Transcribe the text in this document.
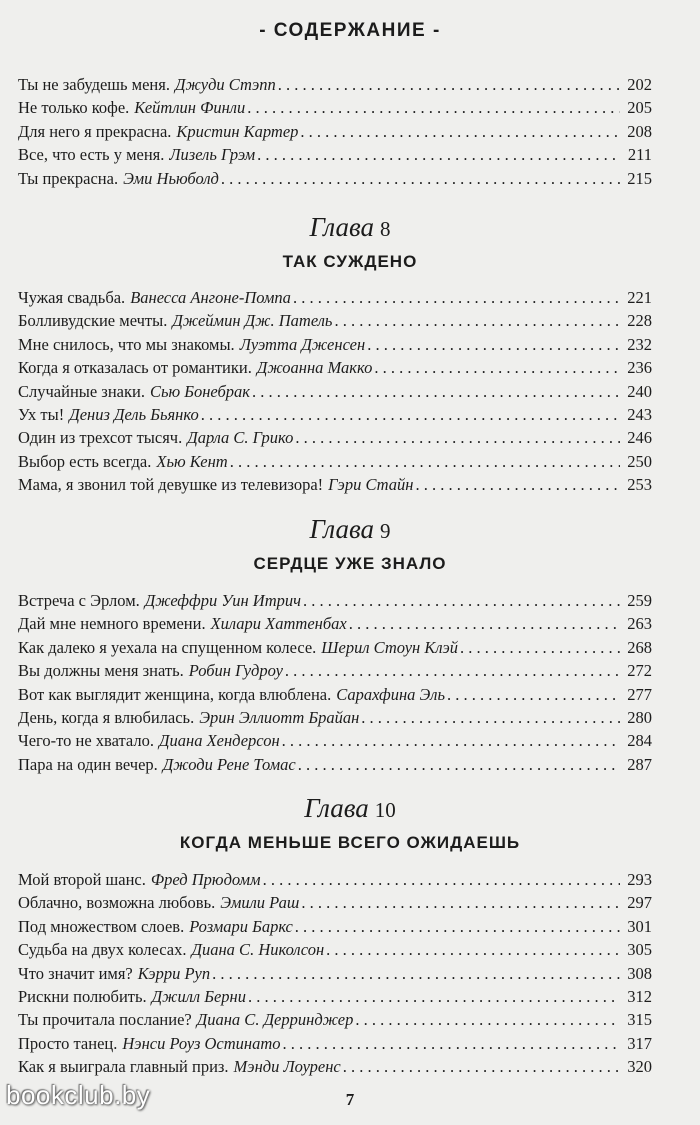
- СОДЕРЖАНИЕ -
Ты не забудешь меня. Джуди Стэпп . . .	202
Не только кофе. Кейтлин Финли . . .	205
Для него я прекрасна. Кристин Картер . . .	208
Все, что есть у меня. Лизель Грэм . . .	211
Ты прекрасна. Эми Ньюболд . . .	215
Глава 8
ТАК СУЖДЕНО
Чужая свадьба. Ванесса Ангоне-Помпа . . .	221
Болливудские мечты. Джеймин Дж. Патель . . .	228
Мне снилось, что мы знакомы. Луэтта Дженсен . . .	232
Когда я отказалась от романтики. Джоанна Макко . . .	236
Случайные знаки. Сью Бонебрак . . .	240
Ух ты! Дениз Дель Бьянко . . .	243
Один из трехсот тысяч. Дарла С. Грико . . .	246
Выбор есть всегда. Хью Кент . . .	250
Мама, я звонил той девушке из телевизора! Гэри Стайн . . .	253
Глава 9
СЕРДЦЕ УЖЕ ЗНАЛО
Встреча с Эрлом. Джеффри Уин Итрич . . .	259
Дай мне немного времени. Хилари Хаттенбах . . .	263
Как далеко я уехала на спущенном колесе. Шерил Стоун Клэй . . .	268
Вы должны меня знать. Робин Гудроу . . .	272
Вот как выглядит женщина, когда влюблена. Сарахфина Эль . . .	277
День, когда я влюбилась. Эрин Эллиотт Брайан . . .	280
Чего-то не хватало. Диана Хендерсон . . .	284
Пара на один вечер. Джоди Рене Томас . . .	287
Глава 10
КОГДА МЕНЬШЕ ВСЕГО ОЖИДАЕШЬ
Мой второй шанс. Фред Прюдомм . . .	293
Облачно, возможна любовь. Эмили Раш . . .	297
Под множеством слоев. Розмари Баркс . . .	301
Судьба на двух колесах. Диана С. Николсон . . .	305
Что значит имя? Кэрри Руп . . .	308
Рискни полюбить. Джилл Берни . . .	312
Ты прочитала послание? Диана С. Дерринджер . . .	315
Просто танец. Нэнси Роуз Остинато . . .	317
Как я выиграла главный приз. Мэнди Лоуренс . . .	320
bookclub.by	7
